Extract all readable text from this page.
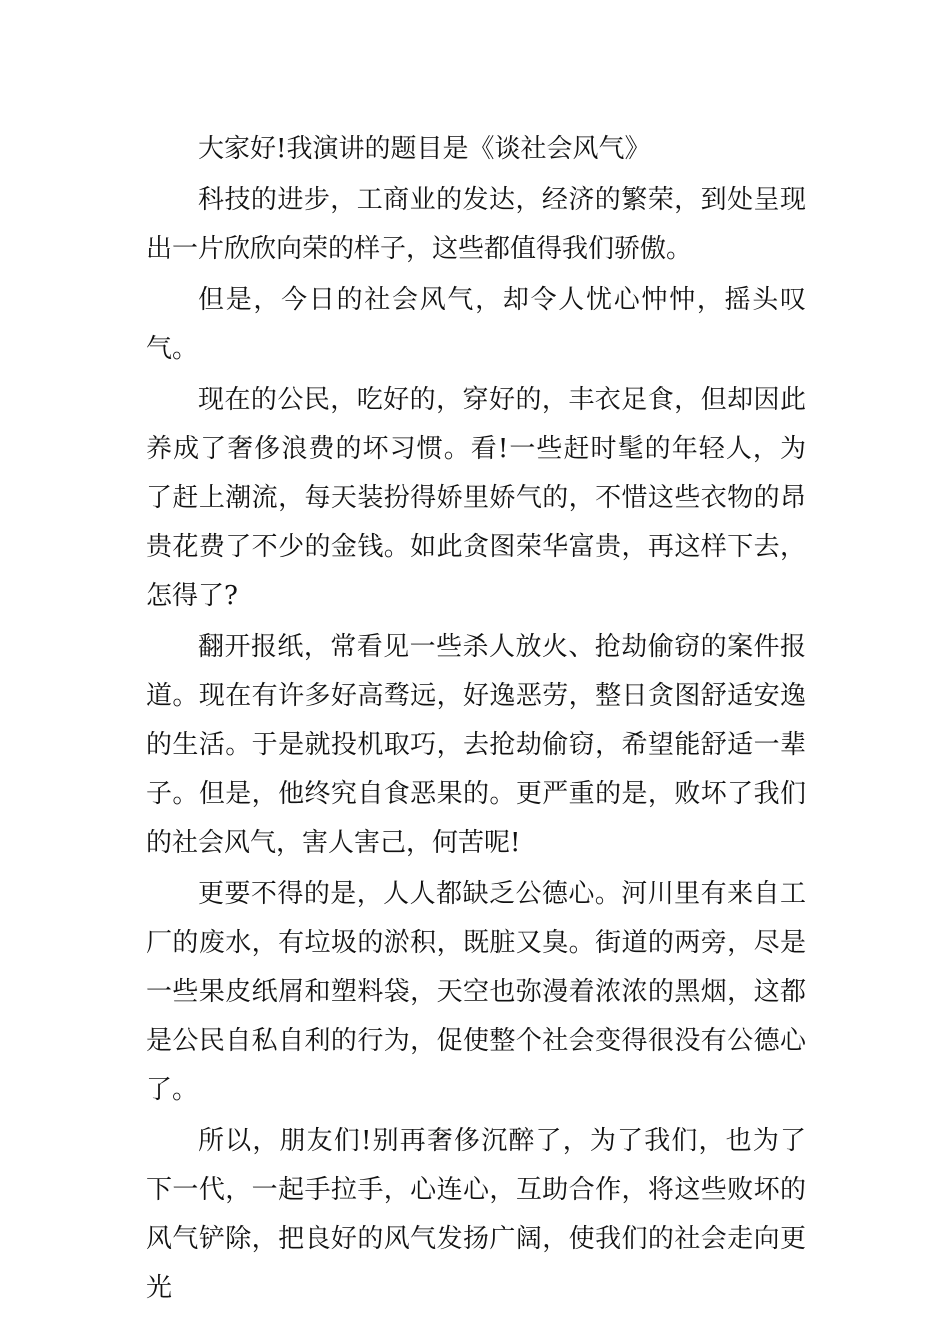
大家好!我演讲的题目是《谈社会风气》

科技的进步，工商业的发达，经济的繁荣，到处呈现出一片欣欣向荣的样子，这些都值得我们骄傲。

但是，今日的社会风气，却令人忧心忡忡，摇头叹气。

现在的公民，吃好的，穿好的，丰衣足食，但却因此养成了奢侈浪费的坏习惯。看!一些赶时髦的年轻人，为了赶上潮流，每天装扮得娇里娇气的，不惜这些衣物的昂贵花费了不少的金钱。如此贪图荣华富贵，再这样下去，怎得了?

翻开报纸，常看见一些杀人放火、抢劫偷窃的案件报道。现在有许多好高骛远，好逸恶劳，整日贪图舒适安逸的生活。于是就投机取巧，去抢劫偷窃，希望能舒适一辈子。但是，他终究自食恶果的。更严重的是，败坏了我们的社会风气，害人害己，何苦呢!

更要不得的是，人人都缺乏公德心。河川里有来自工厂的废水，有垃圾的淤积，既脏又臭。街道的两旁，尽是一些果皮纸屑和塑料袋，天空也弥漫着浓浓的黑烟，这都是公民自私自利的行为，促使整个社会变得很没有公德心了。

所以，朋友们!别再奢侈沉醉了，为了我们，也为了下一代，一起手拉手，心连心，互助合作，将这些败坏的风气铲除，把良好的风气发扬广阔，使我们的社会走向更光
